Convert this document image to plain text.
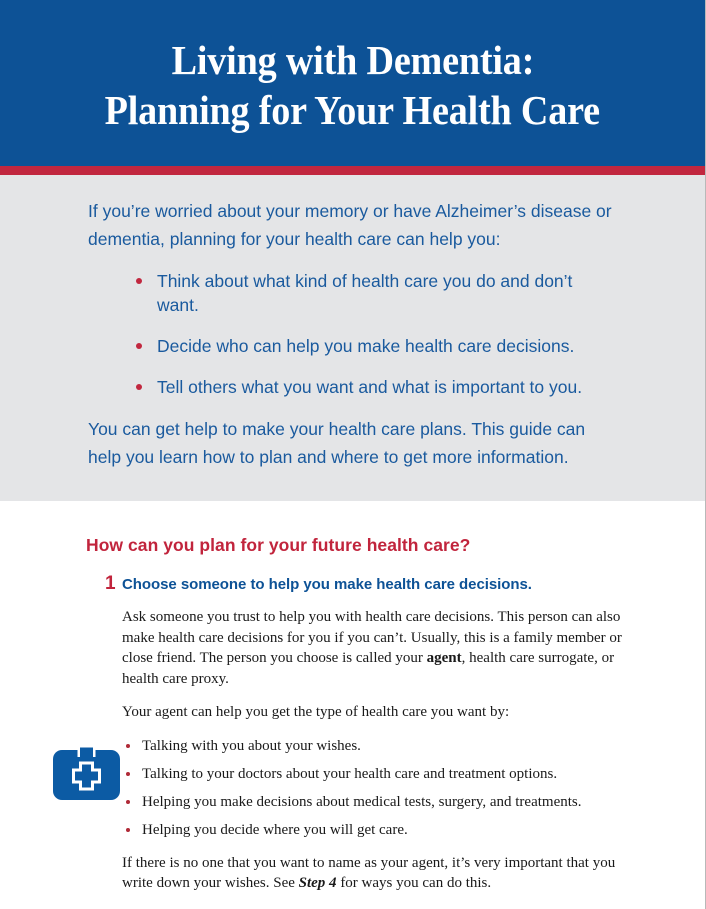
Living with Dementia:
Planning for Your Health Care

If you’re worried about your memory or have Alzheimer’s disease or dementia, planning for your health care can help you:

Think about what kind of health care you do and don’t want.
Decide who can help you make health care decisions.
Tell others what you want and what is important to you.

You can get help to make your health care plans. This guide can help you learn how to plan and where to get more information.

How can you plan for your future health care?
1 Choose someone to help you make health care decisions.

Ask someone you trust to help you with health care decisions. This person can also make health care decisions for you if you can’t. Usually, this is a family member or close friend. The person you choose is called your agent, health care surrogate, or health care proxy.

Your agent can help you get the type of health care you want by:

Talking with you about your wishes.
Talking to your doctors about your health care and treatment options.
Helping you make decisions about medical tests, surgery, and treatments.
Helping you decide where you will get care.

If there is no one that you want to name as your agent, it’s very important that you write down your wishes. See Step 4 for ways you can do this.
